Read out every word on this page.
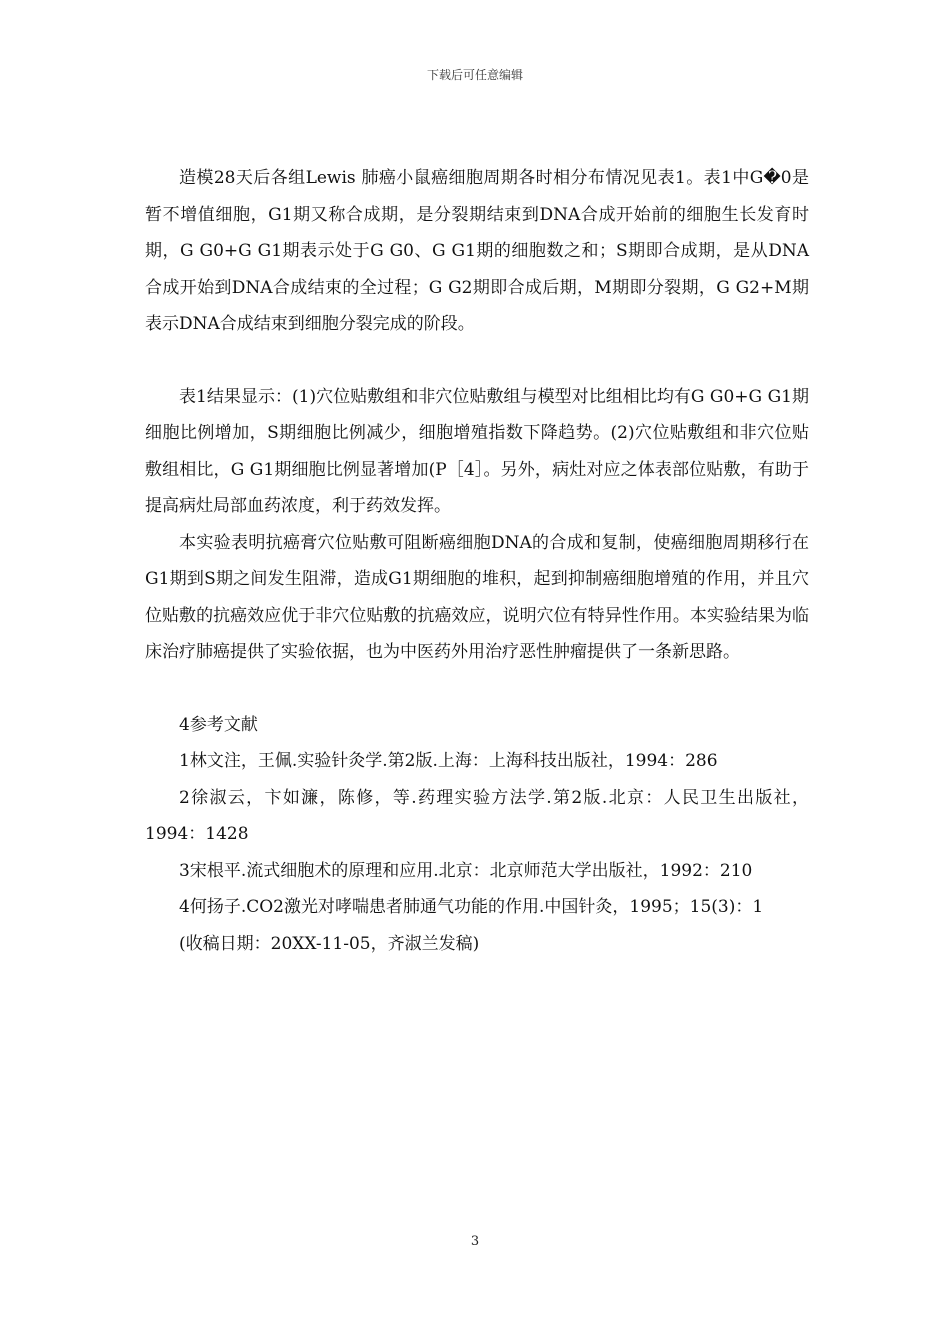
下载后可任意编辑

造模28天后各组Lewis 肺癌小鼠癌细胞周期各时相分布情况见表1。表1中G�0是暂不增值细胞，G1期又称合成期，是分裂期结束到DNA合成开始前的细胞生长发育时期，G G0+G G1期表示处于G G0、G G1期的细胞数之和；S期即合成期，是从DNA合成开始到DNA合成结束的全过程；G G2期即合成后期，M期即分裂期，G G2+M期表示DNA合成结束到细胞分裂完成的阶段。

表1结果显示：(1)穴位贴敷组和非穴位贴敷组与模型对比组相比均有G G0+G G1期细胞比例增加，S期细胞比例减少，细胞增殖指数下降趋势。(2)穴位贴敷组和非穴位贴敷组相比，G G1期细胞比例显著增加(P［4］。另外，病灶对应之体表部位贴敷，有助于提高病灶局部血药浓度，利于药效发挥。

本实验表明抗癌膏穴位贴敷可阻断癌细胞DNA的合成和复制，使癌细胞周期移行在G1期到S期之间发生阻滞，造成G1期细胞的堆积，起到抑制癌细胞增殖的作用，并且穴位贴敷的抗癌效应优于非穴位贴敷的抗癌效应，说明穴位有特异性作用。本实验结果为临床治疗肺癌提供了实验依据，也为中医药外用治疗恶性肿瘤提供了一条新思路。

4参考文献

1林文注，王佩.实验针灸学.第2版.上海：上海科技出版社，1994：286

2徐淑云，卞如濂，陈修，等.药理实验方法学.第2版.北京：人民卫生出版社，1994：1428

3宋根平.流式细胞术的原理和应用.北京：北京师范大学出版社，1992：210

4何扬子.CO2激光对哮喘患者肺通气功能的作用.中国针灸，1995；15(3)：1

(收稿日期：20XX-11-05，齐淑兰发稿)

3
